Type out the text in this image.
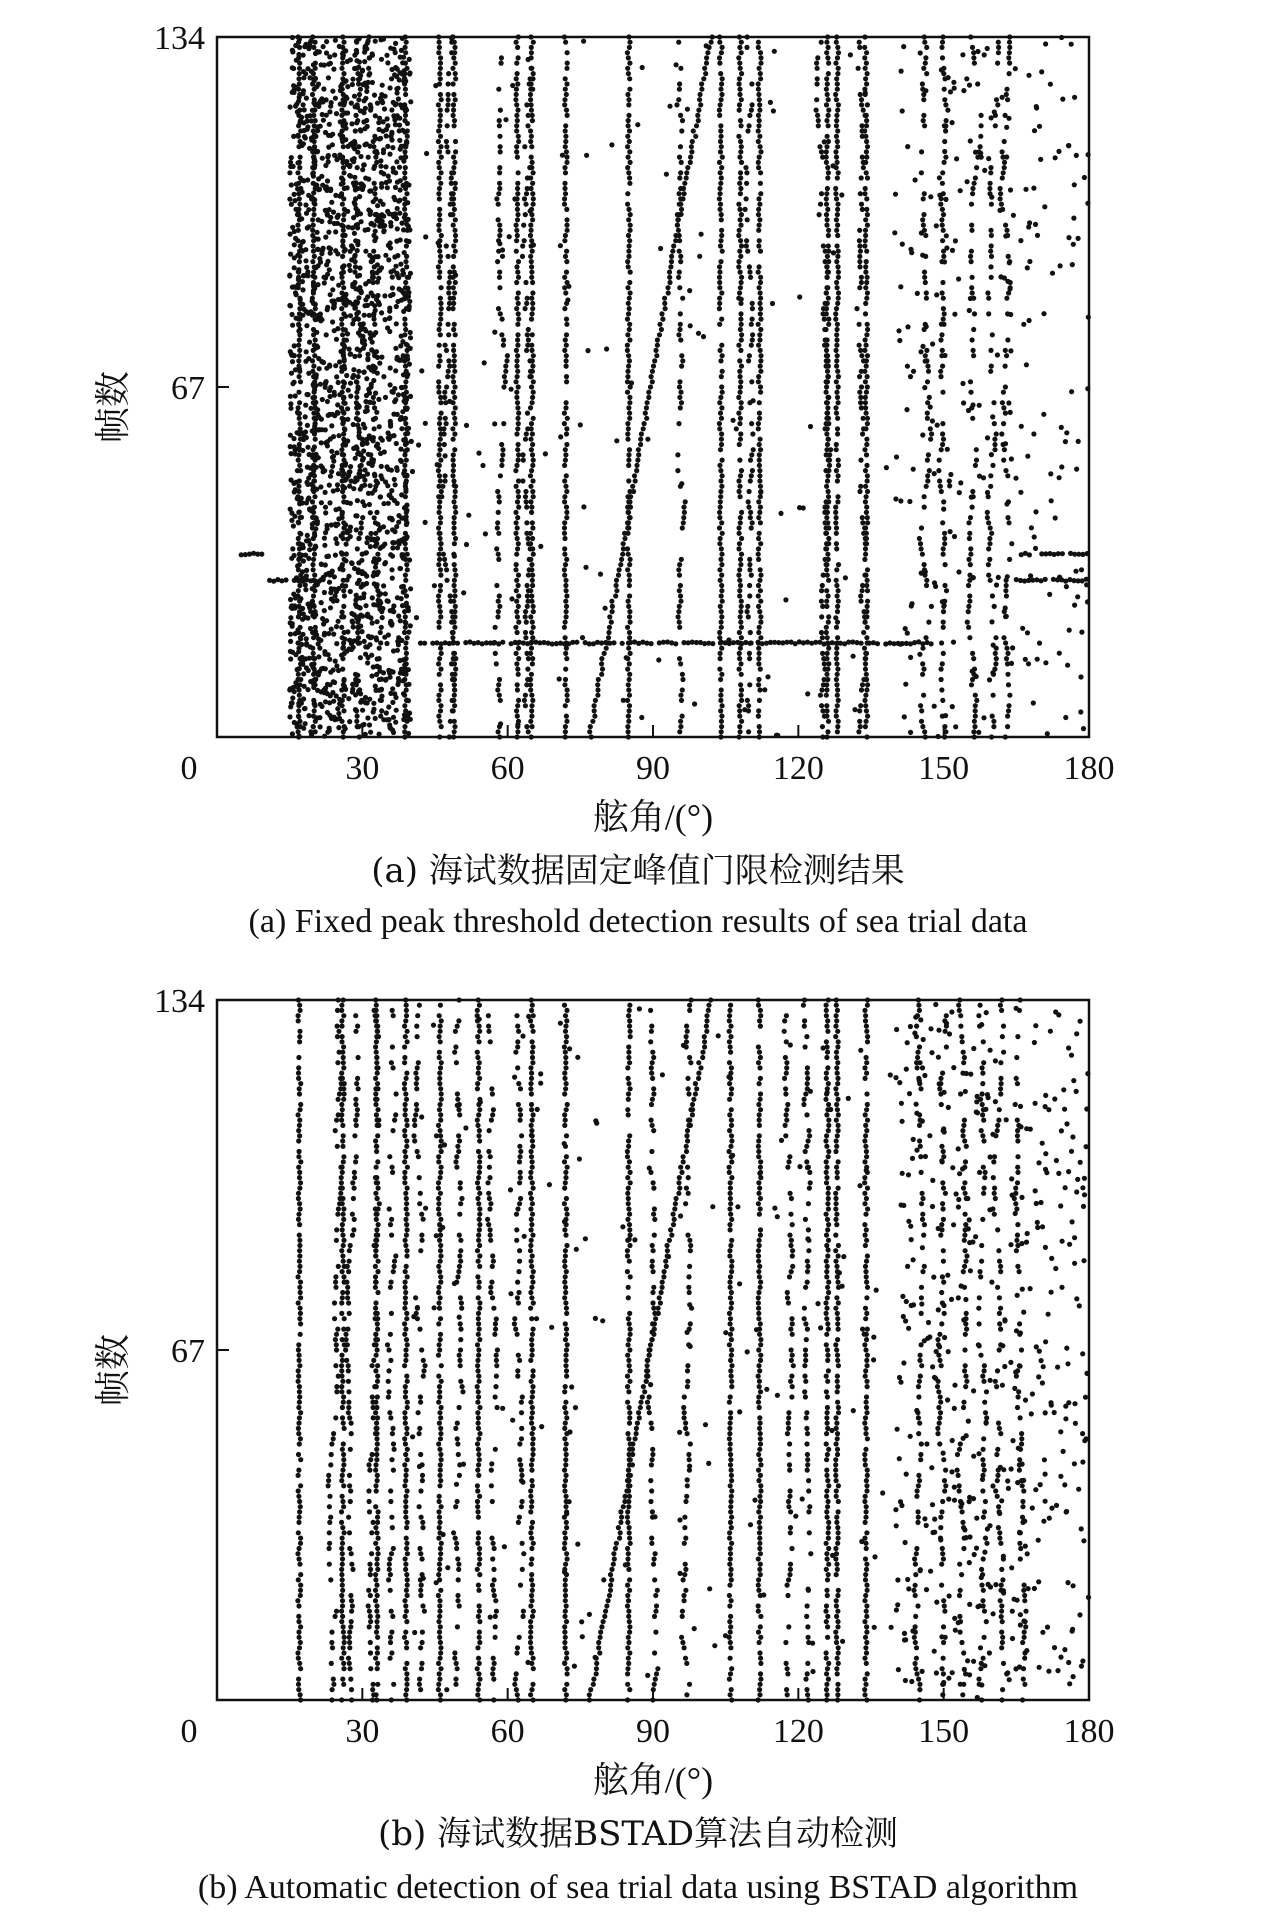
134
67
0	30	60	90	120	150	180
舷角/(°)
帧数
(a) 海试数据固定峰值门限检测结果
(a) Fixed peak threshold detection results of sea trial data
134
67
0	30	60	90	120	150	180
舷角/(°)
帧数
(b) 海试数据BSTAD算法自动检测
(b) Automatic detection of sea trial data using BSTAD algorithm
